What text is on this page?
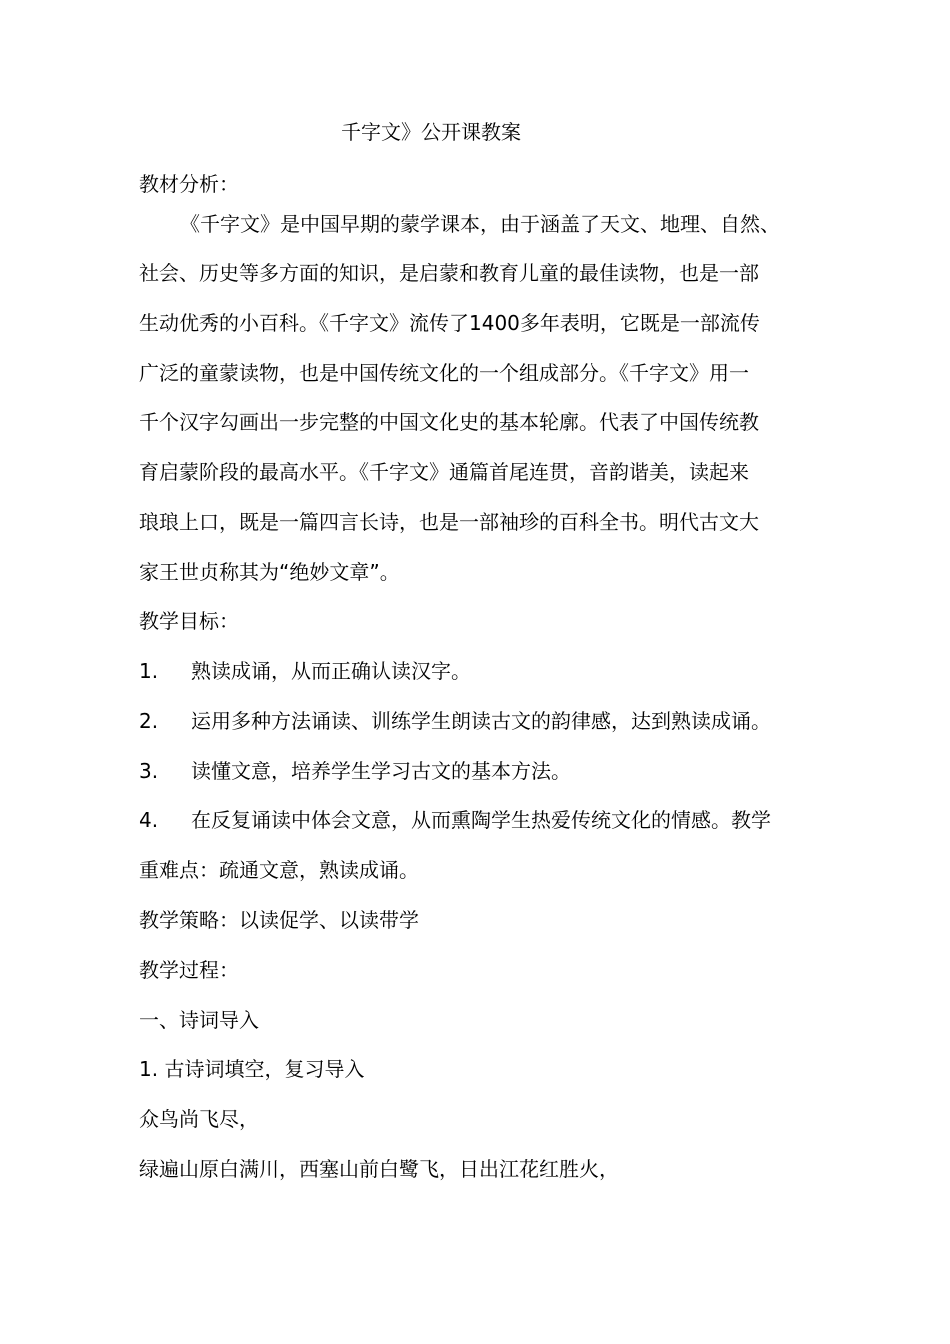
千字文》公开课教案
教材分析：
《千字文》是中国早期的蒙学课本，由于涵盖了天文、地理、自然、
社会、历史等多方面的知识，是启蒙和教育儿童的最佳读物，也是一部
生动优秀的小百科。《千字文》流传了1400多年表明，它既是一部流传
广泛的童蒙读物，也是中国传统文化的一个组成部分。《千字文》用一
千个汉字勾画出一步完整的中国文化史的基本轮廓。代表了中国传统教
育启蒙阶段的最高水平。《千字文》通篇首尾连贯，音韵谐美，读起来
琅琅上口，既是一篇四言长诗，也是一部袖珍的百科全书。明代古文大
家王世贞称其为“绝妙文章”。
教学目标：
1. 熟读成诵，从而正确认读汉字。
2. 运用多种方法诵读、训练学生朗读古文的韵律感，达到熟读成诵。
3. 读懂文意，培养学生学习古文的基本方法。
4. 在反复诵读中体会文意，从而熏陶学生热爱传统文化的情感。教学
重难点：疏通文意，熟读成诵。
教学策略：以读促学、以读带学
教学过程：
一、诗词导入
1. 古诗词填空，复习导入
众鸟尚飞尽，
绿遍山原白满川，西塞山前白鹭飞，日出江花红胜火，
